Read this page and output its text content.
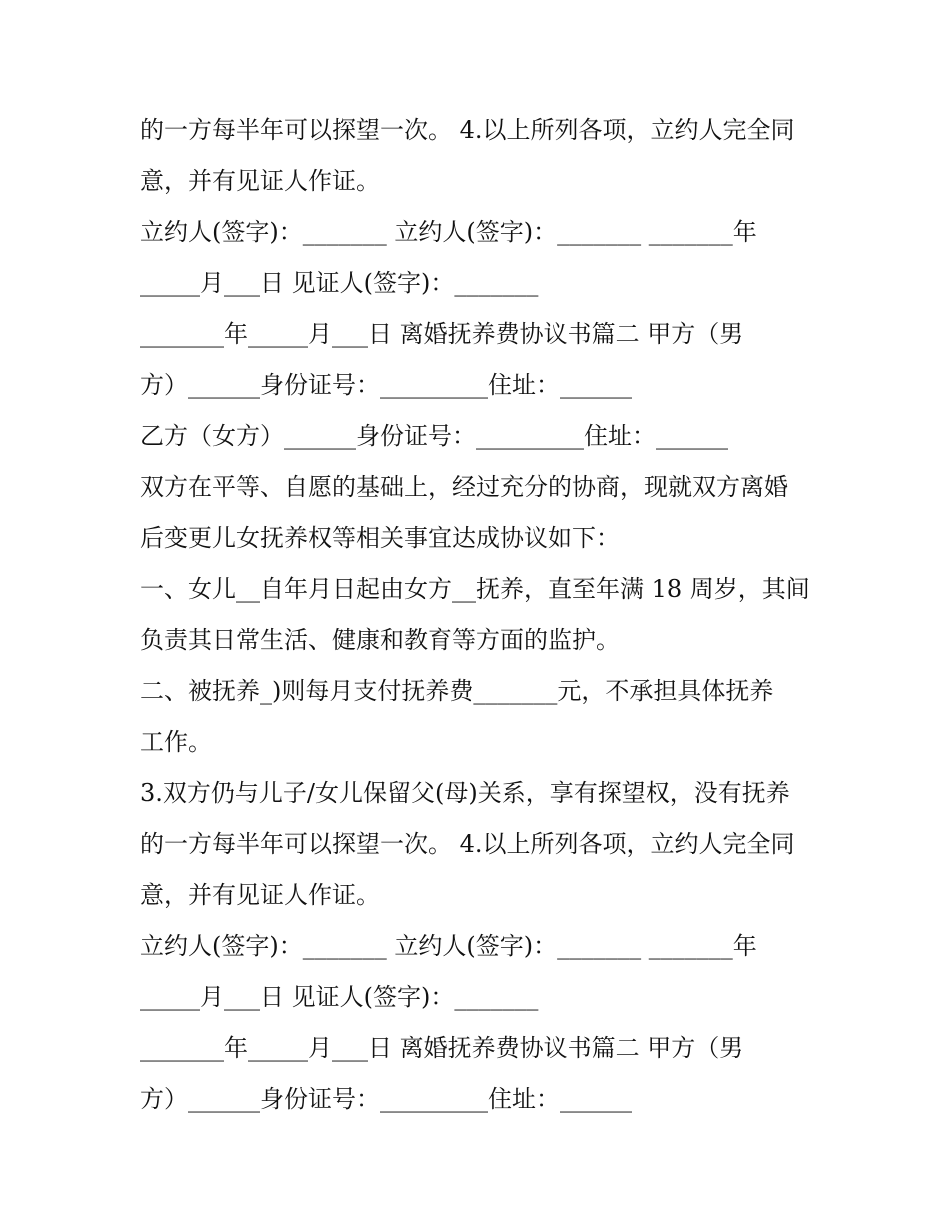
的一方每半年可以探望一次。 4.以上所列各项，立约人完全同
意，并有见证人作证。
立约人(签字)：_______ 立约人(签字)：_______ _______年
_____月___日 见证人(签字)：_______
_______年_____月___日 离婚抚养费协议书篇二 甲方（男
方）______身份证号：_________住址：______
乙方（女方）______身份证号：_________住址：______
双方在平等、自愿的基础上，经过充分的协商，现就双方离婚
后变更儿女抚养权等相关事宜达成协议如下：
一、女儿__自年月日起由女方__抚养，直至年满 18 周岁，其间
负责其日常生活、健康和教育等方面的监护。
二、被抚养_)则每月支付抚养费_______元，不承担具体抚养
工作。
3.双方仍与儿子/女儿保留父(母)关系，享有探望权，没有抚养
的一方每半年可以探望一次。 4.以上所列各项，立约人完全同
意，并有见证人作证。
立约人(签字)：_______ 立约人(签字)：_______ _______年
_____月___日 见证人(签字)：_______
_______年_____月___日 离婚抚养费协议书篇二 甲方（男
方）______身份证号：_________住址：______
